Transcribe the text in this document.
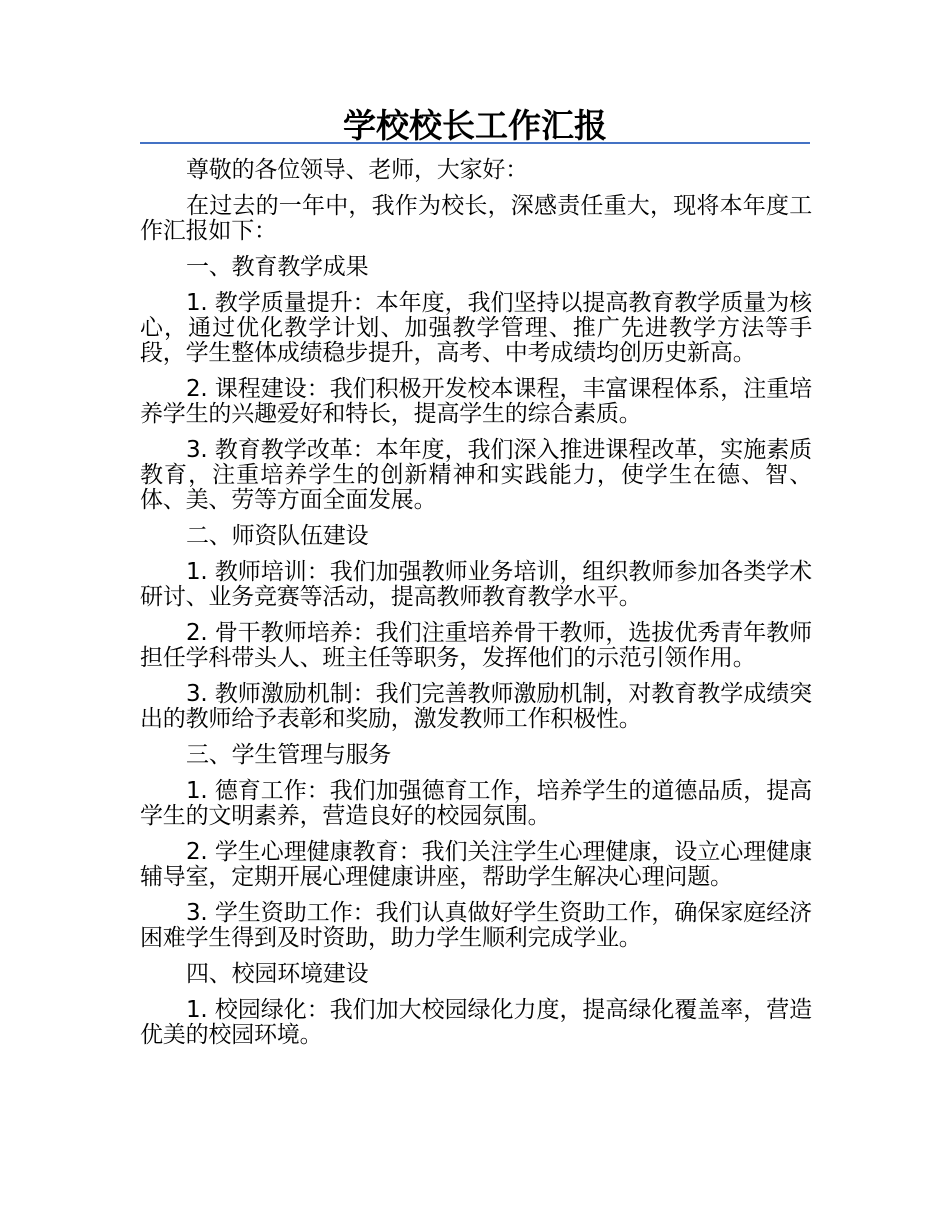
学校校长工作汇报

尊敬的各位领导、老师，大家好：

在过去的一年中，我作为校长，深感责任重大，现将本年度工作汇报如下：

一、教育教学成果

1. 教学质量提升：本年度，我们坚持以提高教育教学质量为核心，通过优化教学计划、加强教学管理、推广先进教学方法等手段，学生整体成绩稳步提升，高考、中考成绩均创历史新高。

2. 课程建设：我们积极开发校本课程，丰富课程体系，注重培养学生的兴趣爱好和特长，提高学生的综合素质。

3. 教育教学改革：本年度，我们深入推进课程改革，实施素质教育，注重培养学生的创新精神和实践能力，使学生在德、智、体、美、劳等方面全面发展。

二、师资队伍建设

1. 教师培训：我们加强教师业务培训，组织教师参加各类学术研讨、业务竞赛等活动，提高教师教育教学水平。

2. 骨干教师培养：我们注重培养骨干教师，选拔优秀青年教师担任学科带头人、班主任等职务，发挥他们的示范引领作用。

3. 教师激励机制：我们完善教师激励机制，对教育教学成绩突出的教师给予表彰和奖励，激发教师工作积极性。

三、学生管理与服务

1. 德育工作：我们加强德育工作，培养学生的道德品质，提高学生的文明素养，营造良好的校园氛围。

2. 学生心理健康教育：我们关注学生心理健康，设立心理健康辅导室，定期开展心理健康讲座，帮助学生解决心理问题。

3. 学生资助工作：我们认真做好学生资助工作，确保家庭经济困难学生得到及时资助，助力学生顺利完成学业。

四、校园环境建设

1. 校园绿化：我们加大校园绿化力度，提高绿化覆盖率，营造优美的校园环境。
